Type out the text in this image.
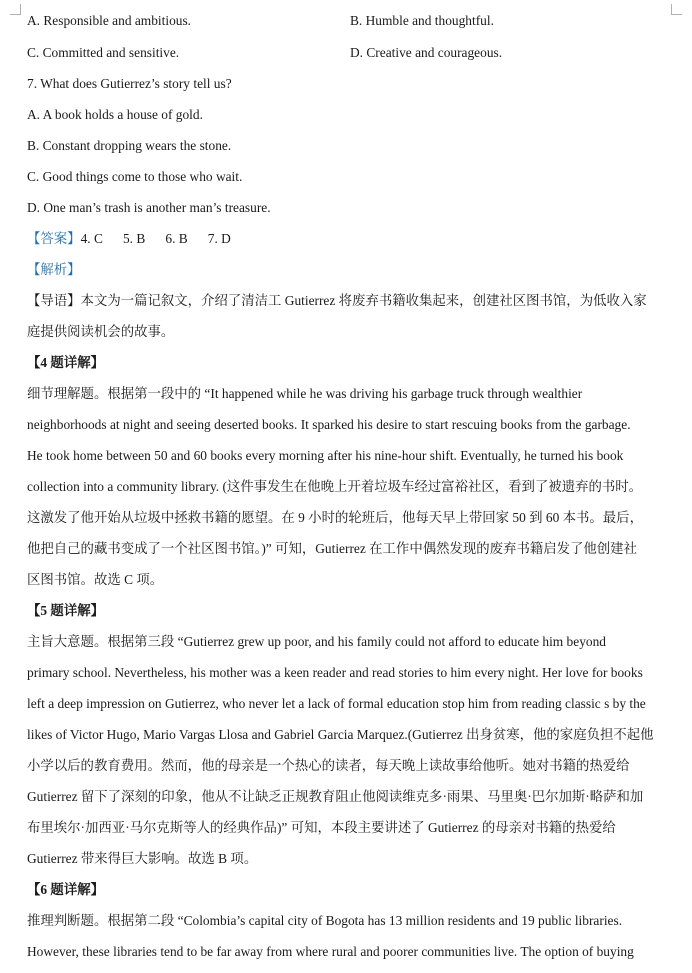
A. Responsible and ambitious.	B. Humble and thoughtful.
C. Committed and sensitive.	D. Creative and courageous.
7. What does Gutierrez’s story tell us?
A. A book holds a house of gold.
B. Constant dropping wears the stone.
C. Good things come to those who wait.
D. One man’s trash is another man’s treasure.
【答案】4. C      5. B      6. B      7. D
【解析】
【导语】本文为一篇记叙文，介绍了清洁工 Gutierrez 将废弃书籍收集起来，创建社区图书馆，为低收入家
庭提供阅读机会的故事。
【4 题详解】
细节理解题。根据第一段中的 “It happened while he was driving his garbage truck through wealthier
neighborhoods at night and seeing deserted books. It sparked his desire to start rescuing books from the garbage.
He took home between 50 and 60 books every morning after his nine-hour shift. Eventually, he turned his book
collection into a community library. (这件事发生在他晚上开着垃圾车经过富裕社区，看到了被遗弃的书时。
这激发了他开始从垃圾中拯救书籍的愿望。在 9 小时的轮班后，他每天早上带回家 50 到 60 本书。最后，
他把自己的藏书变成了一个社区图书馆。)” 可知，Gutierrez 在工作中偶然发现的废弃书籍启发了他创建社
区图书馆。故选 C 项。
【5 题详解】
主旨大意题。根据第三段 “Gutierrez grew up poor, and his family could not afford to educate him beyond
primary school. Nevertheless, his mother was a keen reader and read stories to him every night. Her love for books
left a deep impression on Gutierrez, who never let a lack of formal education stop him from reading classic s by the
likes of Victor Hugo, Mario Vargas Llosa and Gabriel Garcia Marquez.(Gutierrez 出身贫寒，他的家庭负担不起他
小学以后的教育费用。然而，他的母亲是一个热心的读者，每天晚上读故事给他听。她对书籍的热爱给
Gutierrez 留下了深刻的印象，他从不让缺乏正规教育阻止他阅读维克多·雨果、马里奥·巴尔加斯·略萨和加
布里埃尔·加西亚·马尔克斯等人的经典作品)” 可知，本段主要讲述了 Gutierrez 的母亲对书籍的热爱给
Gutierrez 带来得巨大影响。故选 B 项。
【6 题详解】
推理判断题。根据第二段 “Colombia’s capital city of Bogota has 13 million residents and 19 public libraries.
However, these libraries tend to be far away from where rural and poorer communities live. The option of buying
